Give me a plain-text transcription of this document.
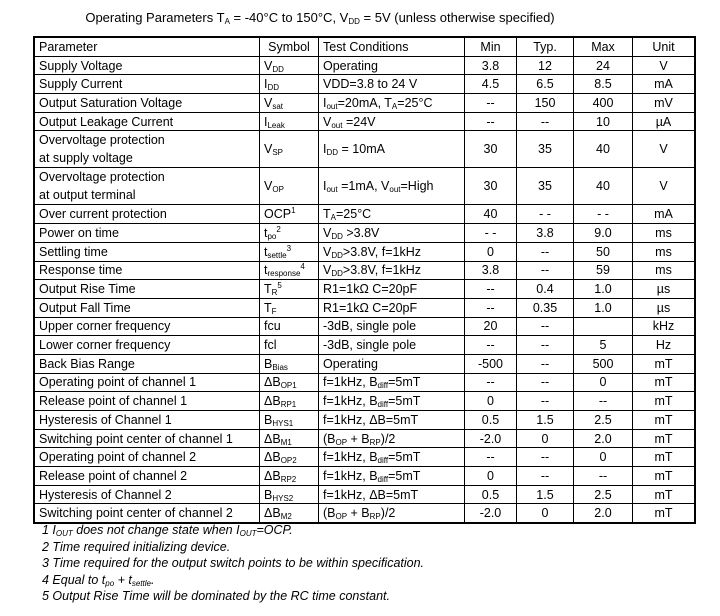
Operating Parameters $T_A = -40^\circ C$ to 150°C, $V_{DD} = 5V$ (unless otherwise specified)
Parameter	Symbol	Test Conditions	Min	Typ.	Max	Unit
Supply Voltage	$V_{DD}$	Operating	3.8	12	24	V
Supply Current	$I_{DD}$	VDD=3.8 to 24 V	4.5	6.5	8.5	mA
Output Saturation Voltage	$V_{sat}$	$I_{out}=20mA$, $T_A=25^\circ C$	--	150	400	mV
Output Leakage Current	$I_{Leak}$	$V_{out} =24V$	--	--	10	µA
Overvoltage protection
at supply voltage	$V_{SP}$	$I_{DD} = 10mA$	30	35	40	V
Overvoltage protection
at output terminal	$V_{OP}$	$I_{out} =1mA$, $V_{out}=High$	30	35	40	V
Over current protection	OCP$^1$	$T_A=25^\circ C$	40	- -	- -	mA
Power on time	$t_{po}^2$	$V_{DD} >3.8V$	- -	3.8	9.0	ms
Settling time	$t_{settle}^3$	$V_{DD}>3.8V$, f=1kHz	0	--	50	ms
Response time	$t_{response}^4$	$V_{DD}>3.8V$, f=1kHz	3.8	--	59	ms
Output Rise Time	$T_R^5$	R1=1kΩ C=20pF	--	0.4	1.0	µs
Output Fall Time	$T_F$	R1=1kΩ C=20pF	--	0.35	1.0	µs
Upper corner frequency	fcu	-3dB, single pole	20	--		kHz
Lower corner frequency	fcl	-3dB, single pole	--	--	5	Hz
Back Bias Range	$B_{Bias}$	Operating	-500	--	500	mT
Operating point of channel 1	$\Delta B_{OP1}$	f=1kHz, $B_{diff}=5mT$	--	--	0	mT
Release point of channel 1	$\Delta B_{RP1}$	f=1kHz, $B_{diff}=5mT$	0	--	--	mT
Hysteresis of Channel 1	$B_{HYS1}$	f=1kHz, ΔB=5mT	0.5	1.5	2.5	mT
Switching point center of channel 1	$\Delta B_{M1}$	$(B_{OP} + B_{RP})/2$	-2.0	0	2.0	mT
Operating point of channel 2	$\Delta B_{OP2}$	f=1kHz, $B_{diff}=5mT$	--	--	0	mT
Release point of channel 2	$\Delta B_{RP2}$	f=1kHz, $B_{diff}=5mT$	0	--	--	mT
Hysteresis of Channel 2	$B_{HYS2}$	f=1kHz, ΔB=5mT	0.5	1.5	2.5	mT
Switching point center of channel 2	$\Delta B_{M2}$	$(B_{OP} + B_{RP})/2$	-2.0	0	2.0	mT
1 $I_{OUT}$ does not change state when $I_{OUT}=OCP$.
2 Time required initializing device.
3 Time required for the output switch points to be within specification.
4 Equal to $t_{po} + t_{settle}$.
5 Output Rise Time will be dominated by the RC time constant.
